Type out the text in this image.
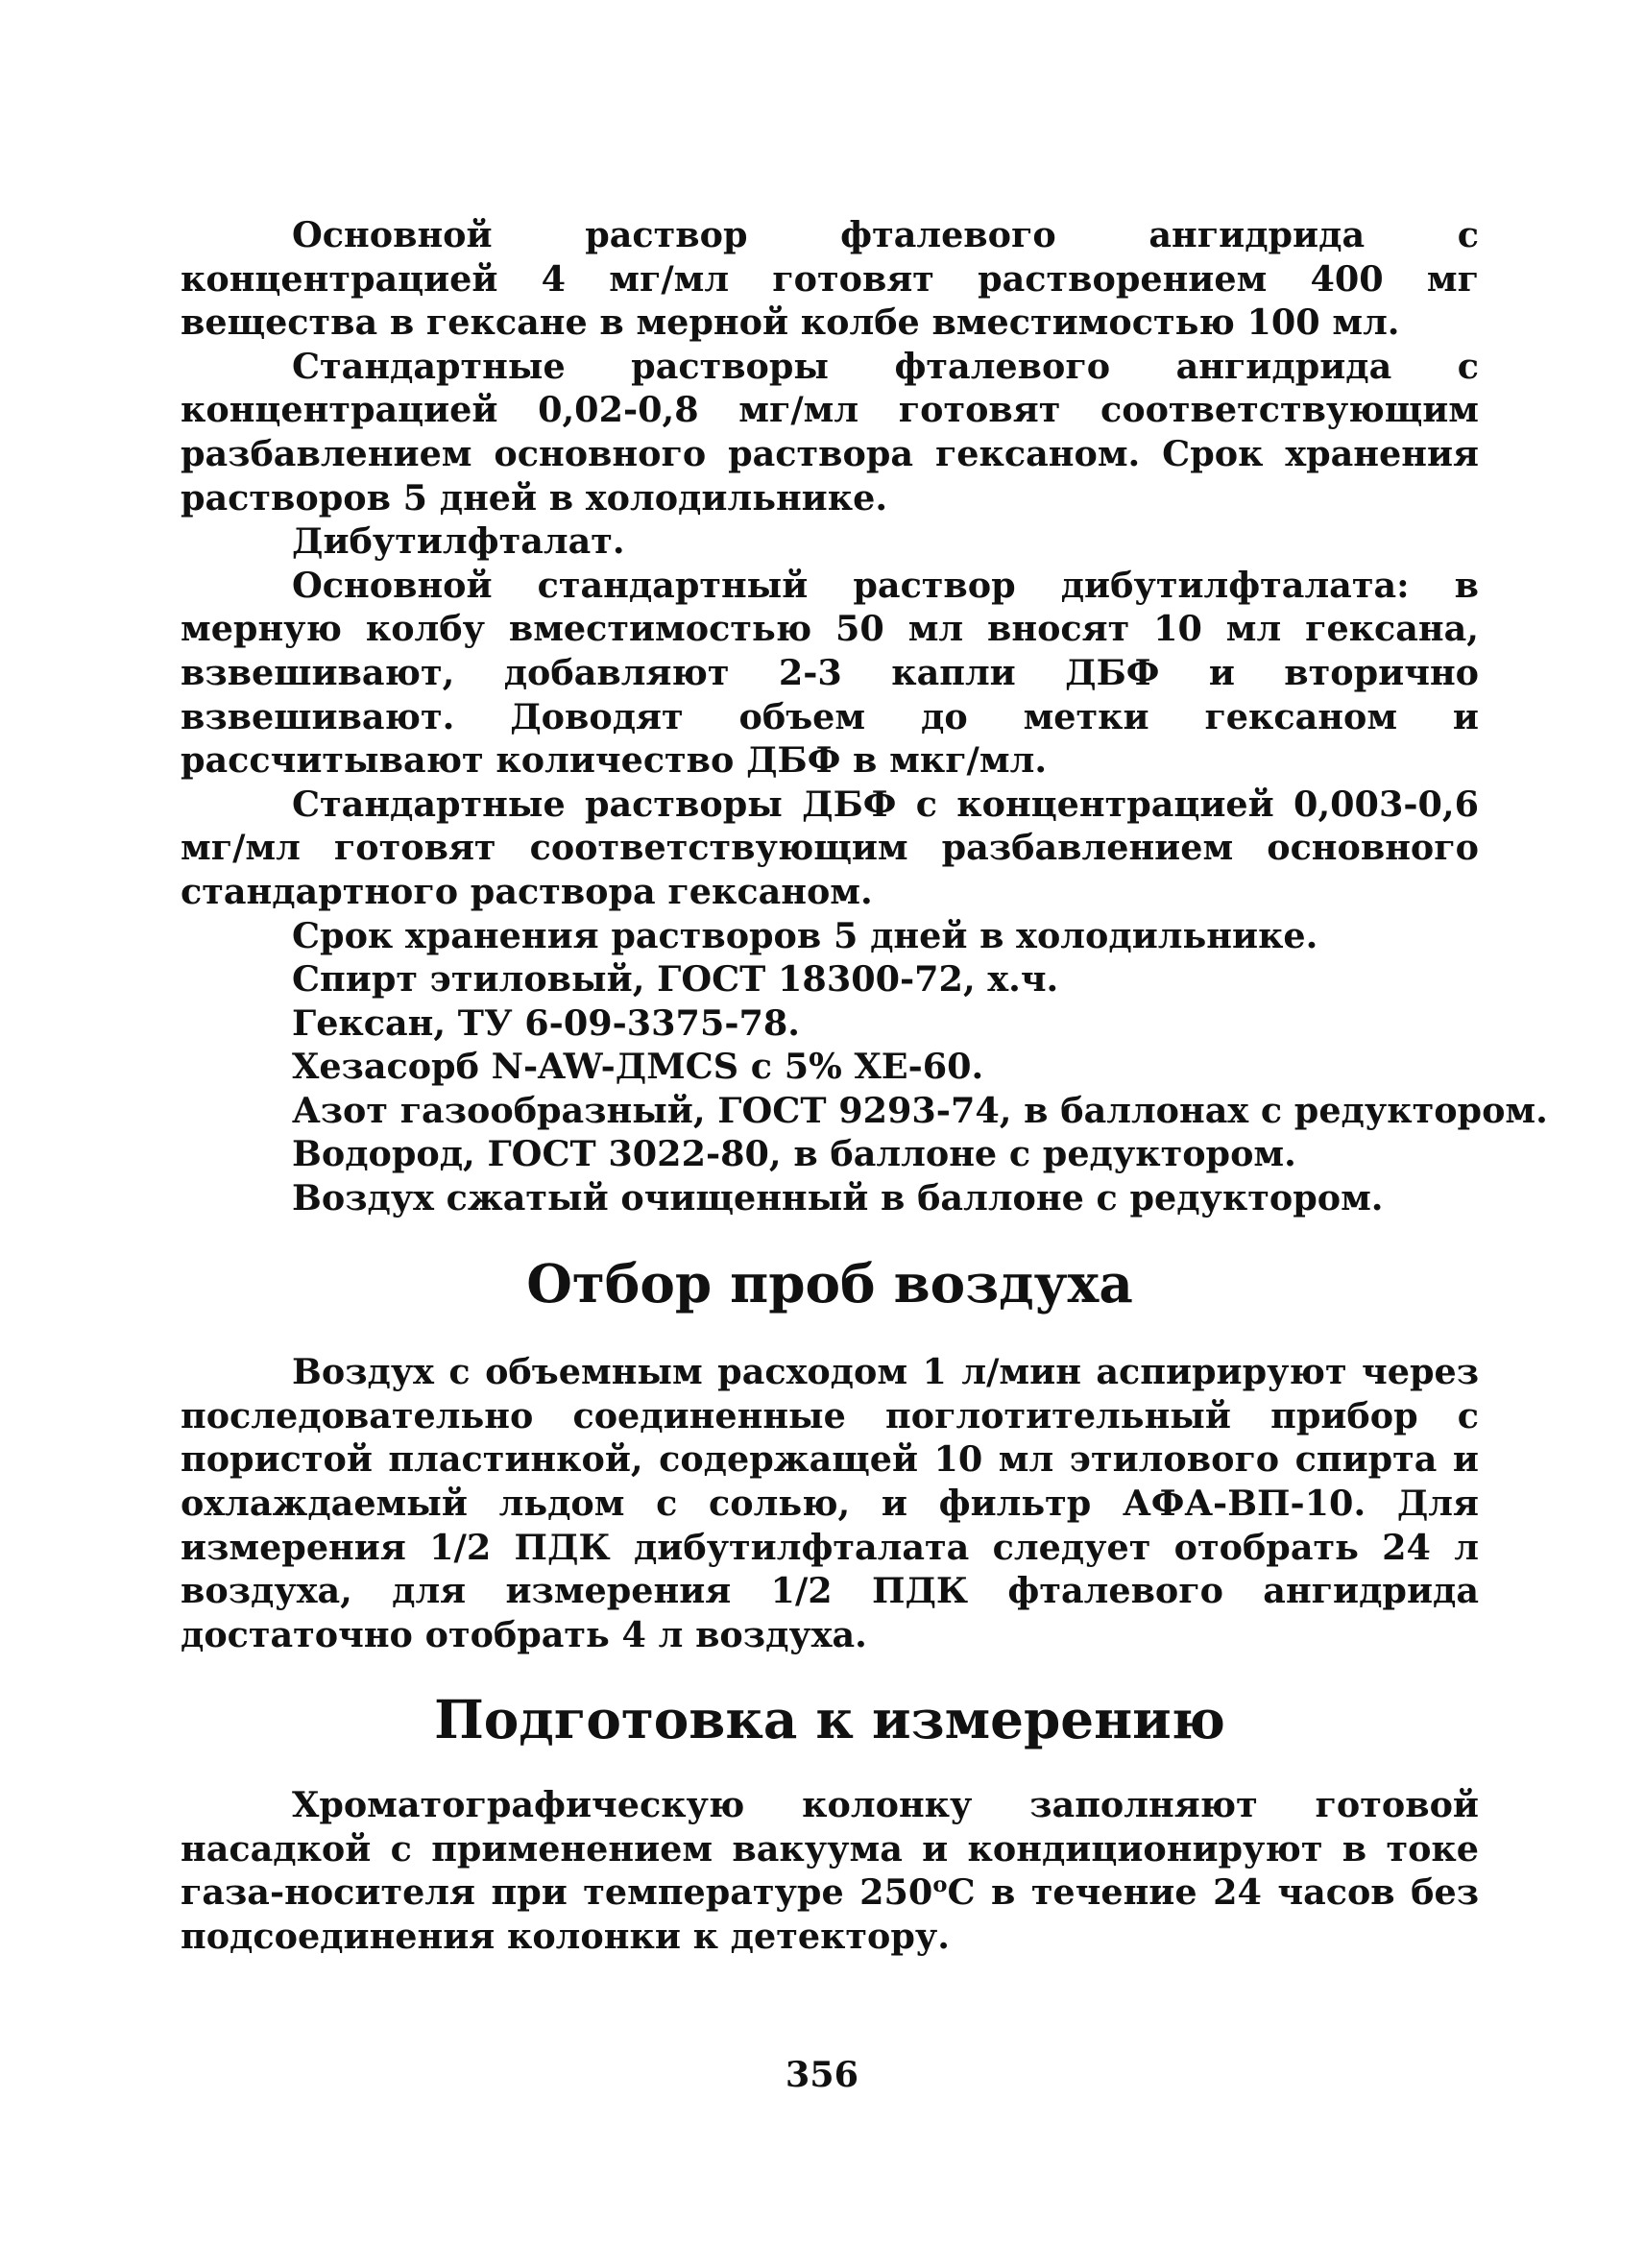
Основной раствор фталевого ангидрида с концентрацией 4 мг/мл готовят растворением 400 мг вещества в гексане в мерной колбе вместимостью 100 мл.

Стандартные растворы фталевого ангидрида с концентрацией 0,02-0,8 мг/мл готовят соответствующим разбавлением основного раствора гексаном. Срок хранения растворов 5 дней в холодильнике.

Дибутилфталат.

Основной стандартный раствор дибутилфталата: в мерную колбу вместимостью 50 мл вносят 10 мл гексана, взвешивают, добавляют 2-3 капли ДБФ и вторично взвешивают. Доводят объем до метки гексаном и рассчитывают количество ДБФ в мкг/мл.

Стандартные растворы ДБФ с концентрацией 0,003-0,6 мг/мл готовят соответствующим разбавлением основного стандартного раствора гексаном.

Срок хранения растворов 5 дней в холодильнике.

Спирт этиловый, ГОСТ 18300-72, х.ч.

Гексан, ТУ 6-09-3375-78.

Хезасорб N-AW-ДMCS с 5% ХЕ-60.

Азот газообразный, ГОСТ 9293-74, в баллонах с редуктором.

Водород, ГОСТ 3022-80, в баллоне с редуктором.

Воздух сжатый очищенный в баллоне с редуктором.

Отбор проб воздуха

Воздух с объемным расходом 1 л/мин аспирируют через последовательно соединенные поглотительный прибор с пористой пластинкой, содержащей 10 мл этилового спирта и охлаждаемый льдом с солью, и фильтр АФА-ВП-10. Для измерения 1/2 ПДК дибутилфталата следует отобрать 24 л воздуха, для измерения 1/2 ПДК фталевого ангидрида достаточно отобрать 4 л воздуха.

Подготовка к измерению

Хроматографическую колонку заполняют готовой насадкой с применением вакуума и кондиционируют в токе газа-носителя при температуре $250^оС$ в течение 24 часов без подсоединения колонки к детектору.

356
